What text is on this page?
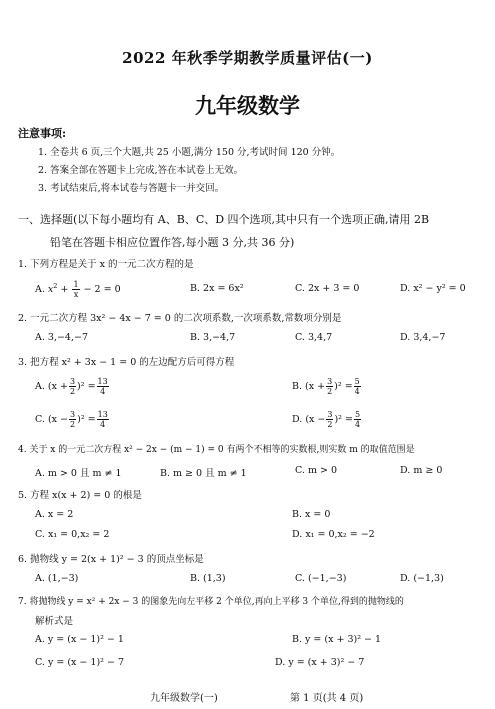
2022 年秋季学期教学质量评估(一)
九年级数学
注意事项:
1. 全卷共 6 页,三个大题,共 25 小题,满分 150 分,考试时间 120 分钟。
2. 答案全部在答题卡上完成,答在本试卷上无效。
3. 考试结束后,将本试卷与答题卡一并交回。
一、选择题(以下每小题均有 A、B、C、D 四个选项,其中只有一个选项正确,请用 2B
铅笔在答题卡相应位置作答,每小题 3 分,共 36 分)
1. 下列方程是关于 x 的一元二次方程的是
A. $x^2 + \frac{1}{x} - 2 = 0$	B. 2x = 6x²	C. 2x + 3 = 0	D. x² − y² = 0
2. 一元二次方程 3x² − 4x − 7 = 0 的二次项系数,一次项系数,常数项分别是
A. 3,−4,−7	B. 3,−4,7	C. 3,4,7	D. 3,4,−7
3. 把方程 x² + 3x − 1 = 0 的左边配方后可得方程
A. $(x + \frac{3}{2} )^2 = \frac{13}{4}$	B. $(x + \frac{3}{2} )^2 = \frac{5}{4}$
C. $(x - \frac{3}{2} )^2 = \frac{13}{4}$	D. $(x - \frac{3}{2} )^2 = \frac{5}{4}$
4. 关于 x 的一元二次方程 x² − 2x − (m − 1) = 0 有两个不相等的实数根,则实数 m 的取值范围是
A. m > 0 且 m ≠ 1	B. m ≥ 0 且 m ≠ 1	C. m > 0	D. m ≥ 0
5. 方程 x(x + 2) = 0 的根是
A. x = 2	B. x = 0
C. x₁ = 0,x₂ = 2	D. x₁ = 0,x₂ = −2
6. 抛物线 y = 2(x + 1)² − 3 的顶点坐标是
A. (1,−3)	B. (1,3)	C. (−1,−3)	D. (−1,3)
7. 将抛物线 y = x² + 2x − 3 的图象先向左平移 2 个单位,再向上平移 3 个单位,得到的抛物线的
解析式是
A. y = (x − 1)² − 1	B. y = (x + 3)² − 1
C. y = (x − 1)² − 7	D. y = (x + 3)² − 7
九年级数学(一)	第 1 页(共 4 页)
